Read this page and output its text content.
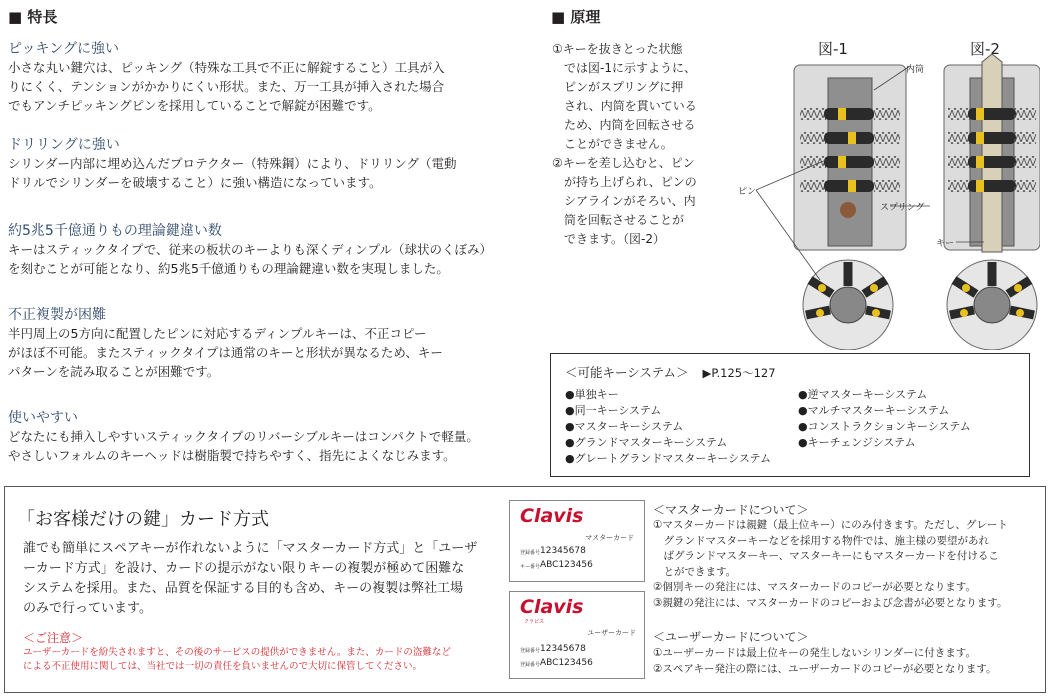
■ 特長
ピッキングに強い
小さな丸い鍵穴は、ピッキング（特殊な工具で不正に解錠すること）工具が入
りにくく、テンションがかかりにくい形状。また、万一工具が挿入された場合
でもアンチピッキングピンを採用していることで解錠が困難です。
ドリリングに強い
シリンダー内部に埋め込んだプロテクター（特殊鋼）により、ドリリング（電動
ドリルでシリンダーを破壊すること）に強い構造になっています。
約5兆5千億通りもの理論鍵違い数
キーはスティックタイプで、従来の板状のキーよりも深くディンプル（球状のくぼみ）
を刻むことが可能となり、約5兆5千億通りもの理論鍵違い数を実現しました。
不正複製が困難
半円周上の5方向に配置したピンに対応するディンプルキーは、不正コピー
がほぼ不可能。またスティックタイプは通常のキーと形状が異なるため、キー
パターンを読み取ることが困難です。
使いやすい
どなたにも挿入しやすいスティックタイプのリバーシブルキーはコンパクトで軽量。
やさしいフォルムのキーヘッドは樹脂製で持ちやすく、指先によくなじみます。
■ 原理
①キーを抜きとった状態
では図-1に示すように、
ピンがスプリングに押
され、内筒を貫いている
ため、内筒を回転させる
ことができません。
②キーを差し込むと、ピン
が持ち上げられ、ピンの
シアラインがそろい、内
筒を回転させることが
できます。（図-2）
図-1	図-2
内筒
ピン
スプリング
キー
＜可能キーシステム＞ ▶P.125～127
●単独キー
●同一キーシステム
●マスターキーシステム
●グランドマスターキーシステム
●グレートグランドマスターキーシステム
●逆マスターキーシステム
●マルチマスターキーシステム
●コンストラクションキーシステム
●キーチェンジシステム
「お客様だけの鍵」カード方式
誰でも簡単にスペアキーが作れないように「マスターカード方式」と「ユーザ
ーカード方式」を設け、カードの提示がない限りキーの複製が極めて困難な
システムを採用。また、品質を保証する目的も含め、キーの複製は弊社工場
のみで行っています。
＜ご注意＞
ユーザーカードを紛失されますと、その後のサービスの提供ができません。また、カードの盗難など
による不正使用に関しては、当社では一切の責任を負いませんので大切に保管してください。
Clavis
マスターカード
登録番号 12345678
キー番号 ABC123456
Clavis
クラビス
ユーザーカード
登録番号 12345678
登録番号 ABC123456
＜マスターカードについて＞
①マスターカードは親鍵（最上位キー）にのみ付きます。ただし、グレート
　グランドマスターキーなどを採用する物件では、施主様の要望があれ
　ばグランドマスターキー、マスターキーにもマスターカードを付けるこ
　とができます。
②個別キーの発注には、マスターカードのコピーが必要となります。
③親鍵の発注には、マスターカードのコピーおよび念書が必要となります。
＜ユーザーカードについて＞
①ユーザーカードは最上位キーの発生しないシリンダーに付きます。
②スペアキー発注の際には、ユーザーカードのコピーが必要となります。
